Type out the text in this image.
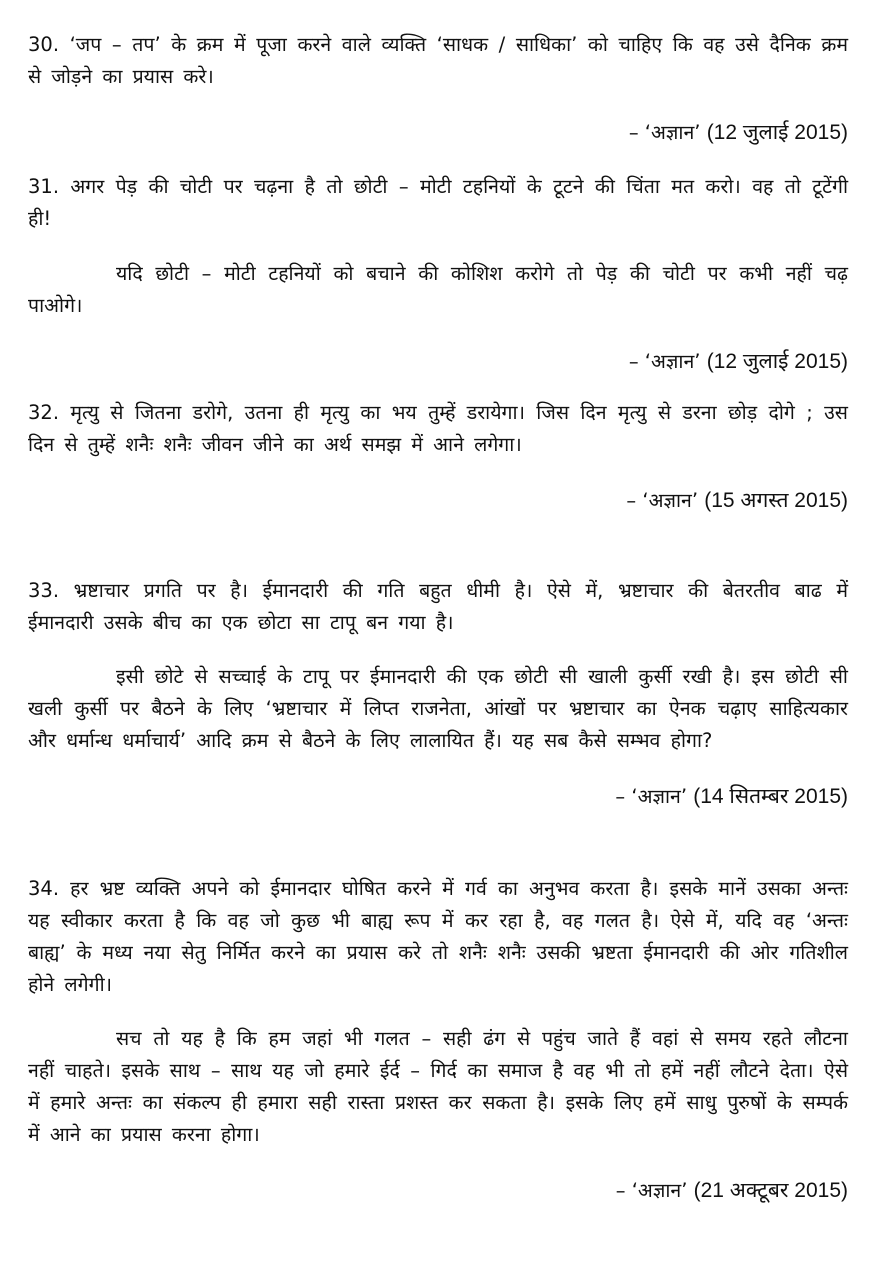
30. ‘जप – तप’ के क्रम में पूजा करने वाले व्यक्ति ‘साधक / साधिका’ को चाहिए कि वह उसे दैनिक क्रम से जोड़ने का प्रयास करे।

– ‘अज्ञान’ (12 जुलाई 2015)

31. अगर पेड़ की चोटी पर चढ़ना है तो छोटी – मोटी टहनियों के टूटने की चिंता मत करो। वह तो टूटेंगी ही!

यदि छोटी – मोटी टहनियों को बचाने की कोशिश करोगे तो पेड़ की चोटी पर कभी नहीं चढ़ पाओगे।

– ‘अज्ञान’ (12 जुलाई 2015)

32. मृत्यु से जितना डरोगे, उतना ही मृत्यु का भय तुम्हें डरायेगा। जिस दिन मृत्यु से डरना छोड़ दोगे ; उस दिन से तुम्हें शनैः शनैः जीवन जीने का अर्थ समझ में आने लगेगा।

– ‘अज्ञान’ (15 अगस्त 2015)

33. भ्रष्टाचार प्रगति पर है। ईमानदारी की गति बहुत धीमी है। ऐसे में, भ्रष्टाचार की बेतरतीव बाढ में ईमानदारी उसके बीच का एक छोटा सा टापू बन गया है।

इसी छोटे से सच्चाई के टापू पर ईमानदारी की एक छोटी सी खाली कुर्सी रखी है। इस छोटी सी खली कुर्सी पर बैठने के लिए ‘भ्रष्टाचार में लिप्त राजनेता, आंखों पर भ्रष्टाचार का ऐनक चढ़ाए साहित्यकार और धर्मान्ध धर्माचार्य’ आदि क्रम से बैठने के लिए लालायित हैं। यह सब कैसे सम्भव होगा?

– ‘अज्ञान’ (14 सितम्बर 2015)

34. हर भ्रष्ट व्यक्ति अपने को ईमानदार घोषित करने में गर्व का अनुभव करता है। इसके मानें उसका अन्तः यह स्वीकार करता है कि वह जो कुछ भी बाह्य रूप में कर रहा है, वह गलत है। ऐसे में, यदि वह ‘अन्तः बाह्य’ के मध्य नया सेतु निर्मित करने का प्रयास करे तो शनैः शनैः उसकी भ्रष्टता ईमानदारी की ओर गतिशील होने लगेगी।

सच तो यह है कि हम जहां भी गलत – सही ढंग से पहुंच जाते हैं वहां से समय रहते लौटना नहीं चाहते। इसके साथ – साथ यह जो हमारे ईर्द – गिर्द का समाज है वह भी तो हमें नहीं लौटने देता। ऐसे में हमारे अन्तः का संकल्प ही हमारा सही रास्ता प्रशस्त कर सकता है। इसके लिए हमें साधु पुरुषों के सम्पर्क में आने का प्रयास करना होगा।

– ‘अज्ञान’ (21 अक्टूबर 2015)
